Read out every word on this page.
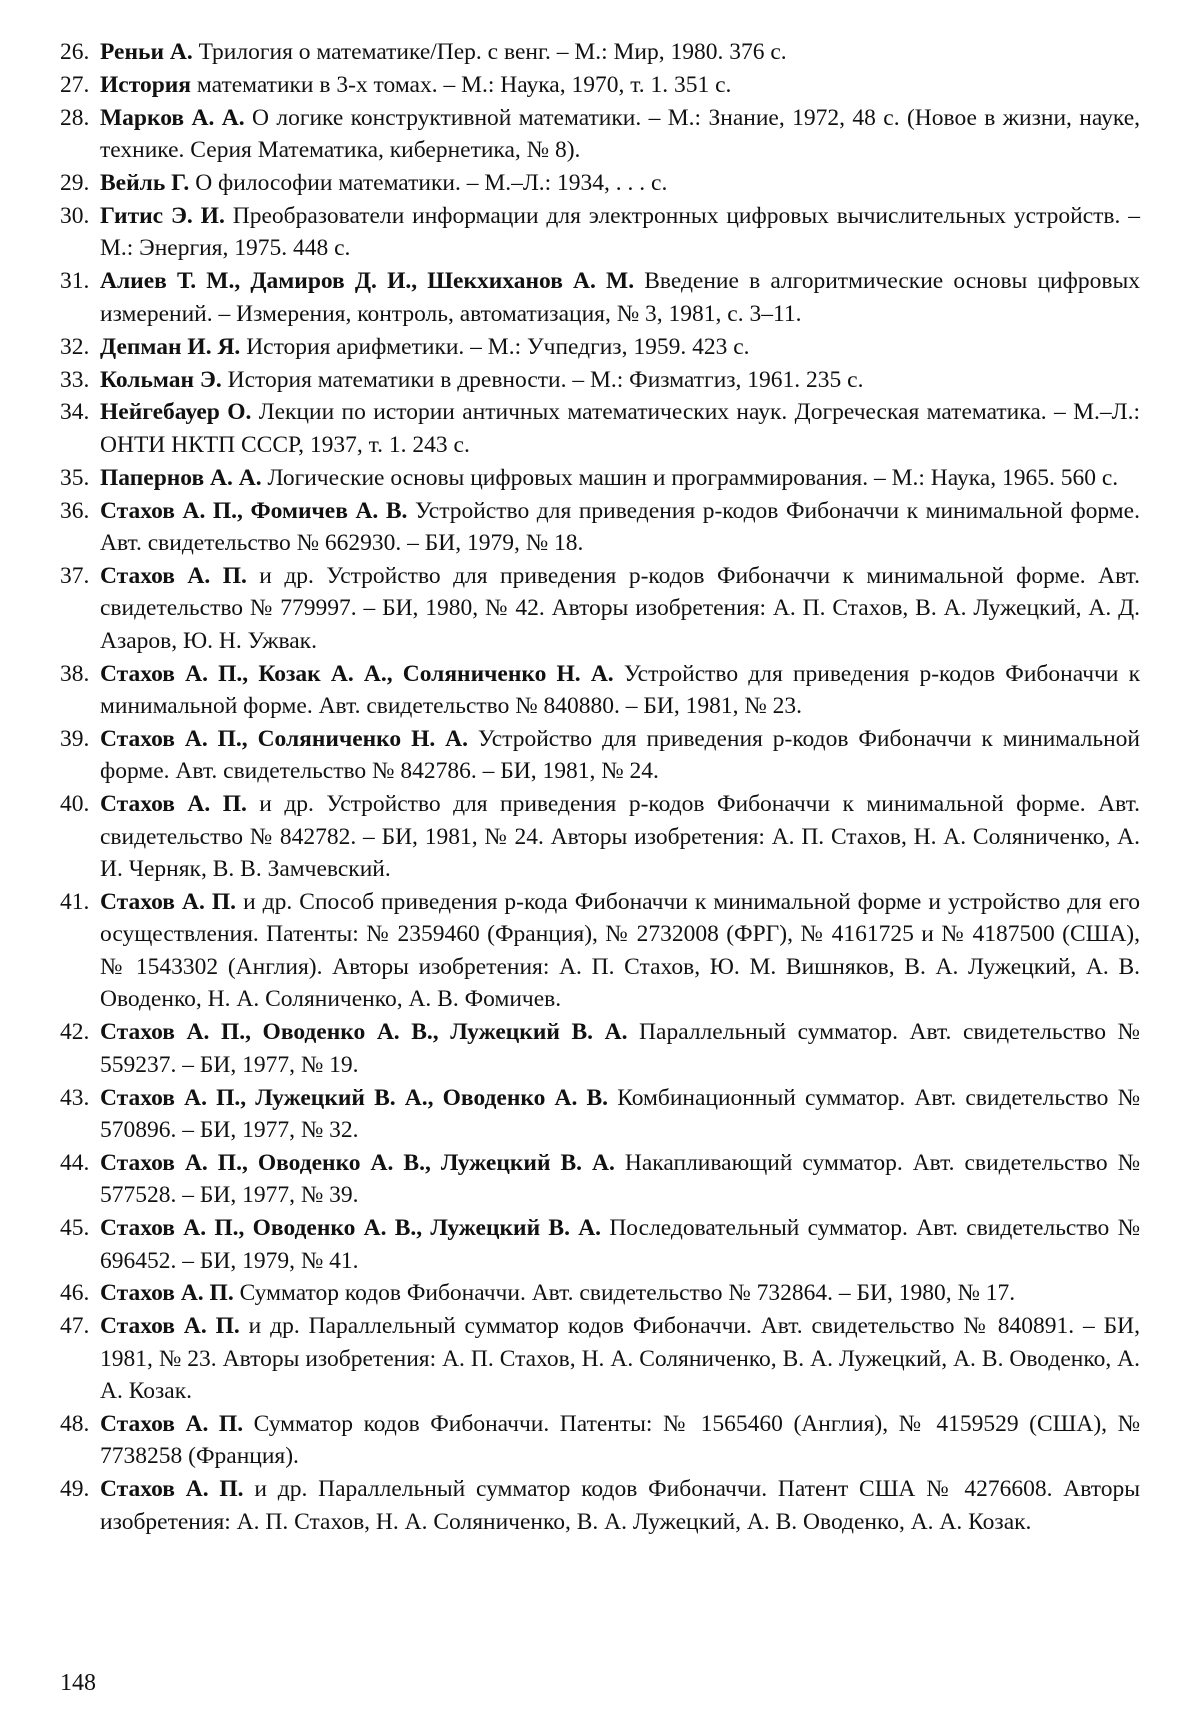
26. Реньи А. Трилогия о математике/Пер. с венг. – М.: Мир, 1980. 376 с.
27. История математики в 3-х томах. – М.: Наука, 1970, т. 1. 351 с.
28. Марков А. А. О логике конструктивной математики. – М.: Знание, 1972, 48 с. (Новое в жизни, науке, технике. Серия Математика, кибернетика, № 8).
29. Вейль Г. О философии математики. – М.–Л.: 1934, . . . с.
30. Гитис Э. И. Преобразователи информации для электронных цифровых вычислительных устройств. – М.: Энергия, 1975. 448 с.
31. Алиев Т. М., Дамиров Д. И., Шекхиханов А. М. Введение в алгоритмические основы цифровых измерений. – Измерения, контроль, автоматизация, № 3, 1981, с. 3–11.
32. Депман И. Я. История арифметики. – М.: Учпедгиз, 1959. 423 с.
33. Кольман Э. История математики в древности. – М.: Физматгиз, 1961. 235 с.
34. Нейгебауер О. Лекции по истории античных математических наук. Догреческая математика. – М.–Л.: ОНТИ НКТП СССР, 1937, т. 1. 243 с.
35. Папернов А. А. Логические основы цифровых машин и программирования. – М.: Наука, 1965. 560 с.
36. Стахов А. П., Фомичев А. В. Устройство для приведения p-кодов Фибоначчи к минимальной форме. Авт. свидетельство № 662930. – БИ, 1979, № 18.
37. Стахов А. П. и др. Устройство для приведения p-кодов Фибоначчи к минимальной форме. Авт. свидетельство № 779997. – БИ, 1980, № 42. Авторы изобретения: А. П. Стахов, В. А. Лужецкий, А. Д. Азаров, Ю. Н. Ужвак.
38. Стахов А. П., Козак А. А., Соляниченко Н. А. Устройство для приведения p-кодов Фибоначчи к минимальной форме. Авт. свидетельство № 840880. – БИ, 1981, № 23.
39. Стахов А. П., Соляниченко Н. А. Устройство для приведения p-кодов Фибоначчи к минимальной форме. Авт. свидетельство № 842786. – БИ, 1981, № 24.
40. Стахов А. П. и др. Устройство для приведения p-кодов Фибоначчи к минимальной форме. Авт. свидетельство № 842782. – БИ, 1981, № 24. Авторы изобретения: А. П. Стахов, Н. А. Соляниченко, А. И. Черняк, В. В. Замчевский.
41. Стахов А. П. и др. Способ приведения p-кода Фибоначчи к минимальной форме и устройство для его осуществления. Патенты: № 2359460 (Франция), № 2732008 (ФРГ), № 4161725 и № 4187500 (США), № 1543302 (Англия). Авторы изобретения: А. П. Стахов, Ю. М. Вишняков, В. А. Лужецкий, А. В. Оводенко, Н. А. Соляниченко, А. В. Фомичев.
42. Стахов А. П., Оводенко А. В., Лужецкий В. А. Параллельный сумматор. Авт. свидетельство № 559237. – БИ, 1977, № 19.
43. Стахов А. П., Лужецкий В. А., Оводенко А. В. Комбинационный сумматор. Авт. свидетельство № 570896. – БИ, 1977, № 32.
44. Стахов А. П., Оводенко А. В., Лужецкий В. А. Накапливающий сумматор. Авт. свидетельство № 577528. – БИ, 1977, № 39.
45. Стахов А. П., Оводенко А. В., Лужецкий В. А. Последовательный сумматор. Авт. свидетельство № 696452. – БИ, 1979, № 41.
46. Стахов А. П. Сумматор кодов Фибоначчи. Авт. свидетельство № 732864. – БИ, 1980, № 17.
47. Стахов А. П. и др. Параллельный сумматор кодов Фибоначчи. Авт. свидетельство № 840891. – БИ, 1981, № 23. Авторы изобретения: А. П. Стахов, Н. А. Соляниченко, В. А. Лужецкий, А. В. Оводенко, А. А. Козак.
48. Стахов А. П. Сумматор кодов Фибоначчи. Патенты: № 1565460 (Англия), № 4159529 (США), № 7738258 (Франция).
49. Стахов А. П. и др. Параллельный сумматор кодов Фибоначчи. Патент США № 4276608. Авторы изобретения: А. П. Стахов, Н. А. Соляниченко, В. А. Лужецкий, А. В. Оводенко, А. А. Козак.
148
